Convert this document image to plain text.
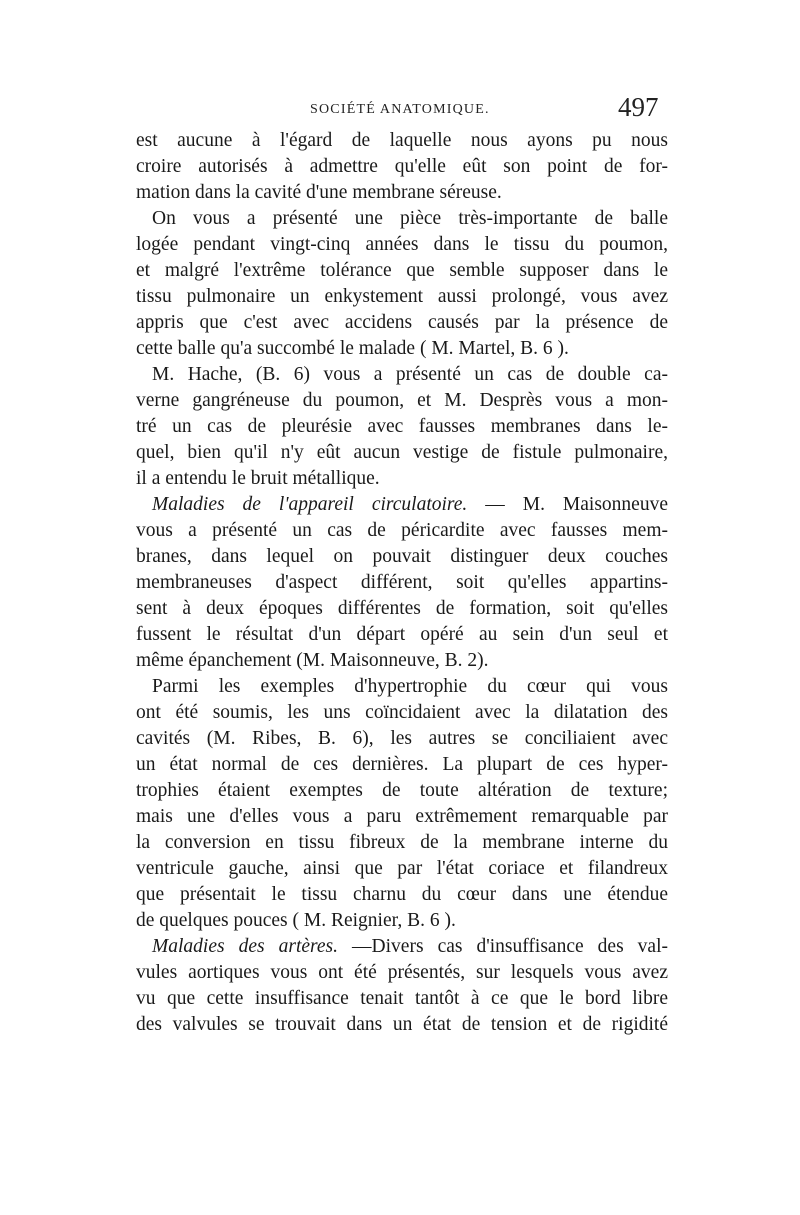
SOCIÉTÉ ANATOMIQUE.	497
est aucune à l'égard de laquelle nous ayons pu nous
croire autorisés à admettre qu'elle eût son point de for-
mation dans la cavité d'une membrane séreuse.
On vous a présenté une pièce très-importante de balle
logée pendant vingt-cinq années dans le tissu du poumon,
et malgré l'extrême tolérance que semble supposer dans le
tissu pulmonaire un enkystement aussi prolongé, vous avez
appris que c'est avec accidens causés par la présence de
cette balle qu'a succombé le malade ( M. Martel, B. 6 ).
M. Hache, (B. 6) vous a présenté un cas de double ca-
verne gangréneuse du poumon, et M. Desprès vous a mon-
tré un cas de pleurésie avec fausses membranes dans le-
quel, bien qu'il n'y eût aucun vestige de fistule pulmonaire,
il a entendu le bruit métallique.
Maladies de l'appareil circulatoire. — M. Maisonneuve
vous a présenté un cas de péricardite avec fausses mem-
branes, dans lequel on pouvait distinguer deux couches
membraneuses d'aspect différent, soit qu'elles appartins-
sent à deux époques différentes de formation, soit qu'elles
fussent le résultat d'un départ opéré au sein d'un seul et
même épanchement (M. Maisonneuve, B. 2).
Parmi les exemples d'hypertrophie du cœur qui vous
ont été soumis, les uns coïncidaient avec la dilatation des
cavités (M. Ribes, B. 6), les autres se conciliaient avec
un état normal de ces dernières. La plupart de ces hyper-
trophies étaient exemptes de toute altération de texture;
mais une d'elles vous a paru extrêmement remarquable par
la conversion en tissu fibreux de la membrane interne du
ventricule gauche, ainsi que par l'état coriace et filandreux
que présentait le tissu charnu du cœur dans une étendue
de quelques pouces ( M. Reignier, B. 6 ).
Maladies des artères. —Divers cas d'insuffisance des val-
vules aortiques vous ont été présentés, sur lesquels vous avez
vu que cette insuffisance tenait tantôt à ce que le bord libre
des valvules se trouvait dans un état de tension et de rigidité
